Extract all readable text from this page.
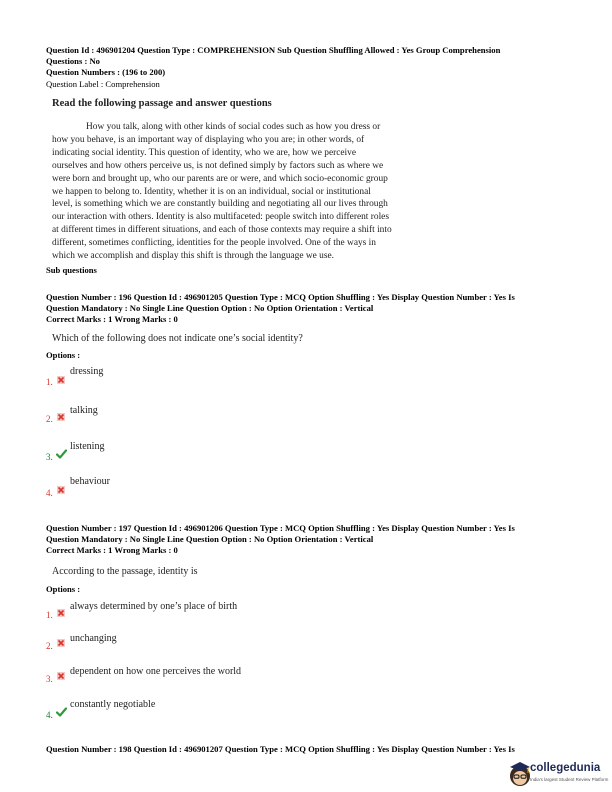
Question Id : 496901204 Question Type : COMPREHENSION Sub Question Shuffling Allowed : Yes Group Comprehension
Questions : No
Question Numbers : (196 to 200)
Question Label : Comprehension
Read the following passage and answer questions
How you talk, along with other kinds of social codes such as how you dress or
how you behave, is an important way of displaying who you are; in other words, of
indicating social identity. This question of identity, who we are, how we perceive
ourselves and how others perceive us, is not defined simply by factors such as where we
were born and brought up, who our parents are or were, and which socio-economic group
we happen to belong to. Identity, whether it is on an individual, social or institutional
level, is something which we are constantly building and negotiating all our lives through
our interaction with others. Identity is also multifaceted: people switch into different roles
at different times in different situations, and each of those contexts may require a shift into
different, sometimes conflicting, identities for the people involved. One of the ways in
which we accomplish and display this shift is through the language we use.
Sub questions
Question Number : 196 Question Id : 496901205 Question Type : MCQ Option Shuffling : Yes Display Question Number : Yes Is
Question Mandatory : No Single Line Question Option : No Option Orientation : Vertical
Correct Marks : 1 Wrong Marks : 0
Which of the following does not indicate one’s social identity?
Options :
dressing
1.
talking
2.
listening
3.
behaviour
4.
Question Number : 197 Question Id : 496901206 Question Type : MCQ Option Shuffling : Yes Display Question Number : Yes Is
Question Mandatory : No Single Line Question Option : No Option Orientation : Vertical
Correct Marks : 1 Wrong Marks : 0
According to the passage, identity is
Options :
always determined by one’s place of birth
1.
unchanging
2.
dependent on how one perceives the world
3.
constantly negotiable
4.
Question Number : 198 Question Id : 496901207 Question Type : MCQ Option Shuffling : Yes Display Question Number : Yes Is
collegedunia
India's largest Student Review Platform
